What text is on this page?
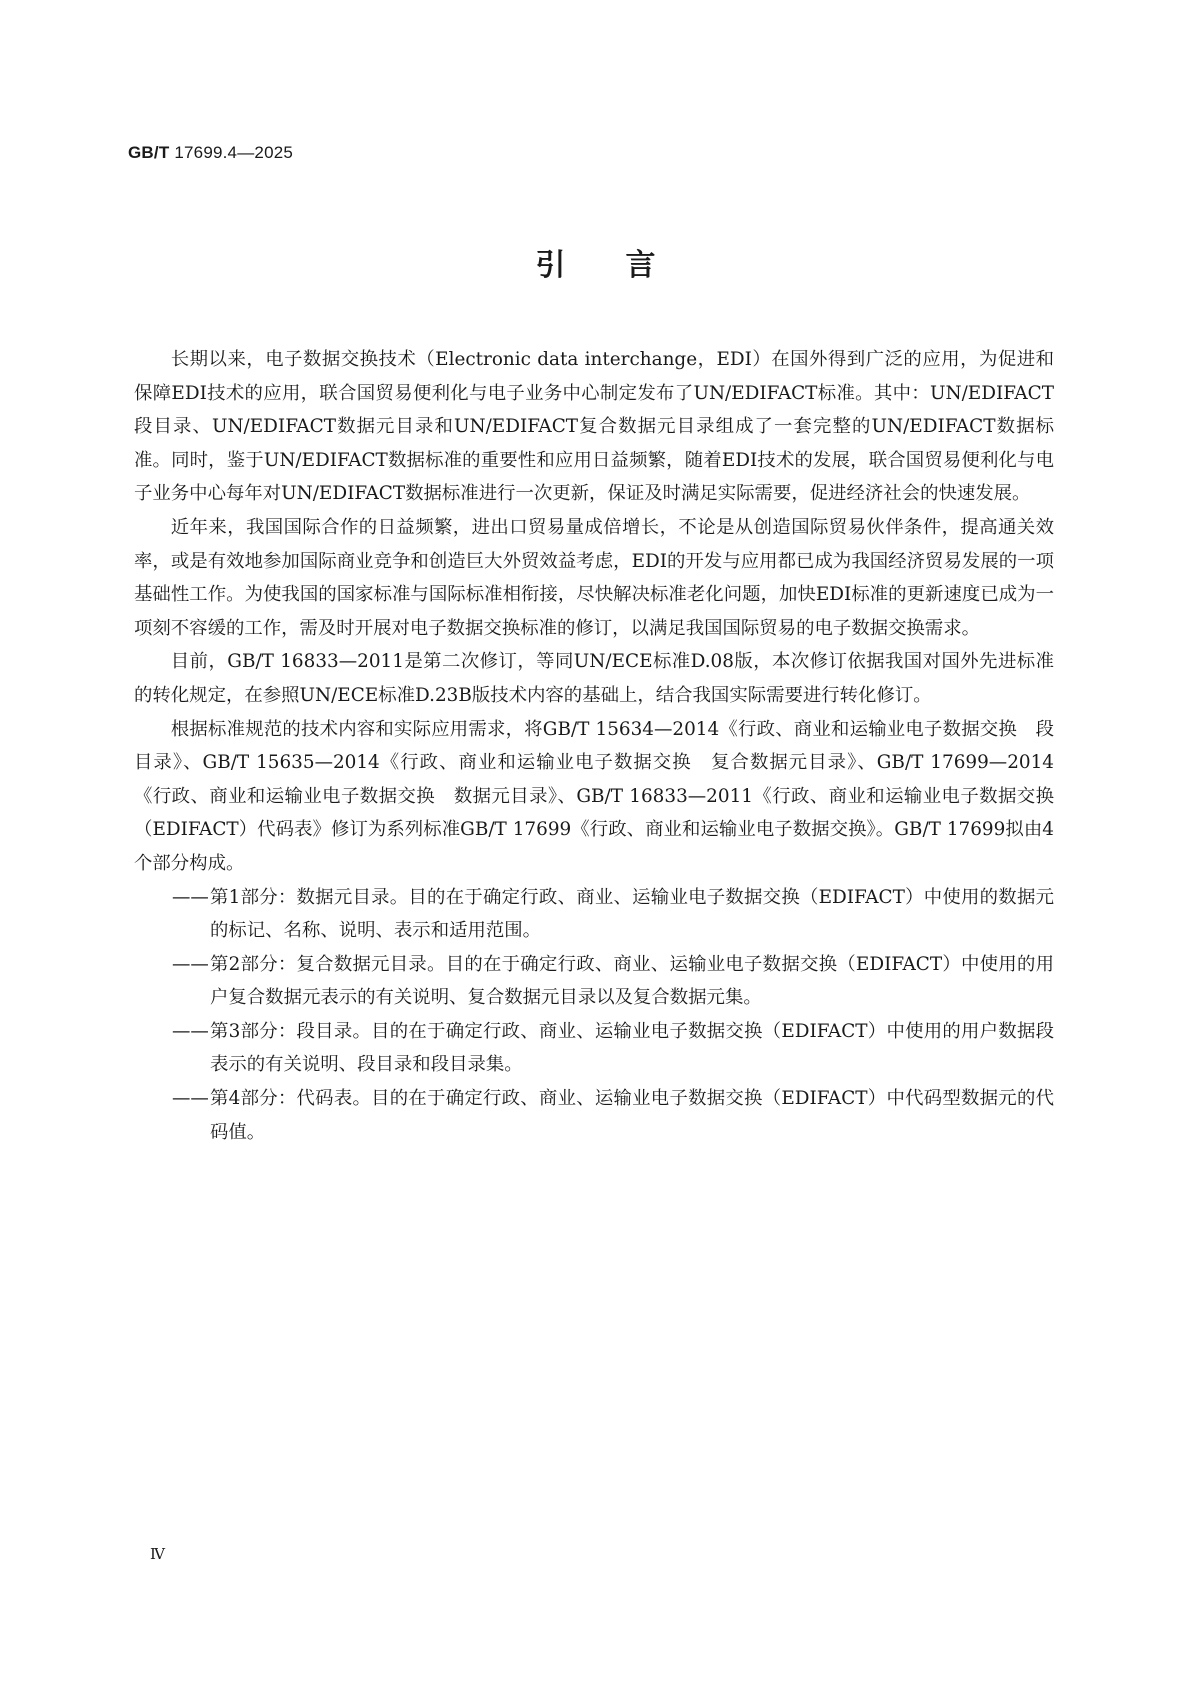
GB/T 17699.4—2025
引言

长期以来，电子数据交换技术（Electronic data interchange，EDI）在国外得到广泛的应用，为促进和保障EDI技术的应用，联合国贸易便利化与电子业务中心制定发布了UN/EDIFACT标准。其中：UN/EDIFACT段目录、UN/EDIFACT数据元目录和UN/EDIFACT复合数据元目录组成了一套完整的UN/EDIFACT数据标准。同时，鉴于UN/EDIFACT数据标准的重要性和应用日益频繁，随着EDI技术的发展，联合国贸易便利化与电子业务中心每年对UN/EDIFACT数据标准进行一次更新，保证及时满足实际需要，促进经济社会的快速发展。

近年来，我国国际合作的日益频繁，进出口贸易量成倍增长，不论是从创造国际贸易伙伴条件，提高通关效率，或是有效地参加国际商业竞争和创造巨大外贸效益考虑，EDI的开发与应用都已成为我国经济贸易发展的一项基础性工作。为使我国的国家标准与国际标准相衔接，尽快解决标准老化问题，加快EDI标准的更新速度已成为一项刻不容缓的工作，需及时开展对电子数据交换标准的修订，以满足我国国际贸易的电子数据交换需求。

目前，GB/T 16833—2011是第二次修订，等同UN/ECE标准D.08版，本次修订依据我国对国外先进标准的转化规定，在参照UN/ECE标准D.23B版技术内容的基础上，结合我国实际需要进行转化修订。

根据标准规范的技术内容和实际应用需求，将GB/T 15634—2014《行政、商业和运输业电子数据交换　段目录》、GB/T 15635—2014《行政、商业和运输业电子数据交换　复合数据元目录》、GB/T 17699—2014《行政、商业和运输业电子数据交换　数据元目录》、GB/T 16833—2011《行政、商业和运输业电子数据交换（EDIFACT）代码表》修订为系列标准GB/T 17699《行政、商业和运输业电子数据交换》。GB/T 17699拟由4个部分构成。

—— 第1部分：数据元目录。目的在于确定行政、商业、运输业电子数据交换（EDIFACT）中使用的数据元的标记、名称、说明、表示和适用范围。
—— 第2部分：复合数据元目录。目的在于确定行政、商业、运输业电子数据交换（EDIFACT）中使用的用户复合数据元表示的有关说明、复合数据元目录以及复合数据元集。
—— 第3部分：段目录。目的在于确定行政、商业、运输业电子数据交换（EDIFACT）中使用的用户数据段表示的有关说明、段目录和段目录集。
—— 第4部分：代码表。目的在于确定行政、商业、运输业电子数据交换（EDIFACT）中代码型数据元的代码值。
Ⅳ
